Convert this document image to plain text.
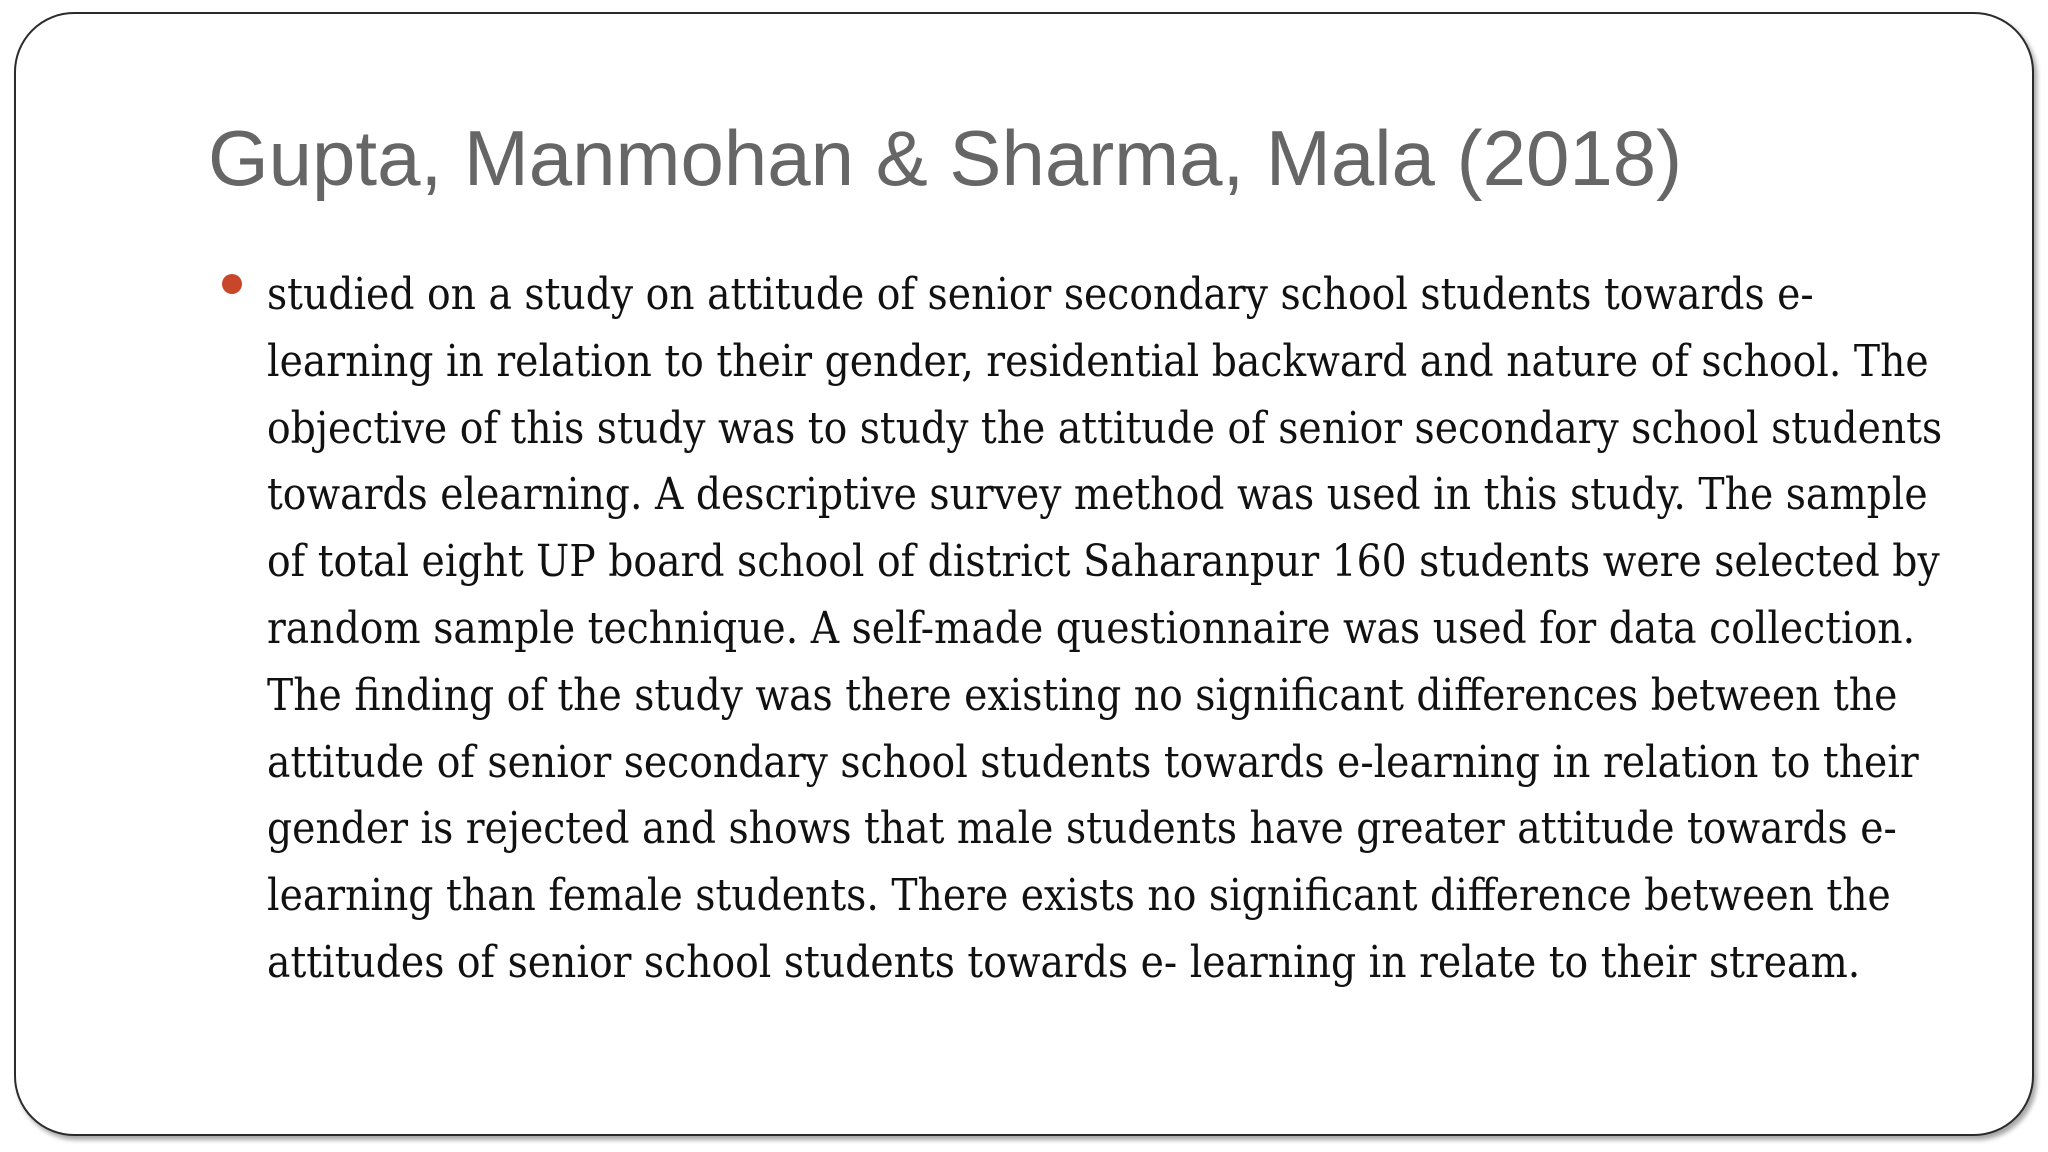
Gupta, Manmohan & Sharma, Mala (2018)

studied on a study on attitude of senior secondary school students towards e-
learning in relation to their gender, residential backward and nature of school. The
objective of this study was to study the attitude of senior secondary school students
towards elearning. A descriptive survey method was used in this study. The sample
of total eight UP board school of district Saharanpur 160 students were selected by
random sample technique. A self-made questionnaire was used for data collection.
The finding of the study was there existing no significant differences between the
attitude of senior secondary school students towards e-learning in relation to their
gender is rejected and shows that male students have greater attitude towards e-
learning than female students. There exists no significant difference between the
attitudes of senior school students towards e- learning in relate to their stream.
